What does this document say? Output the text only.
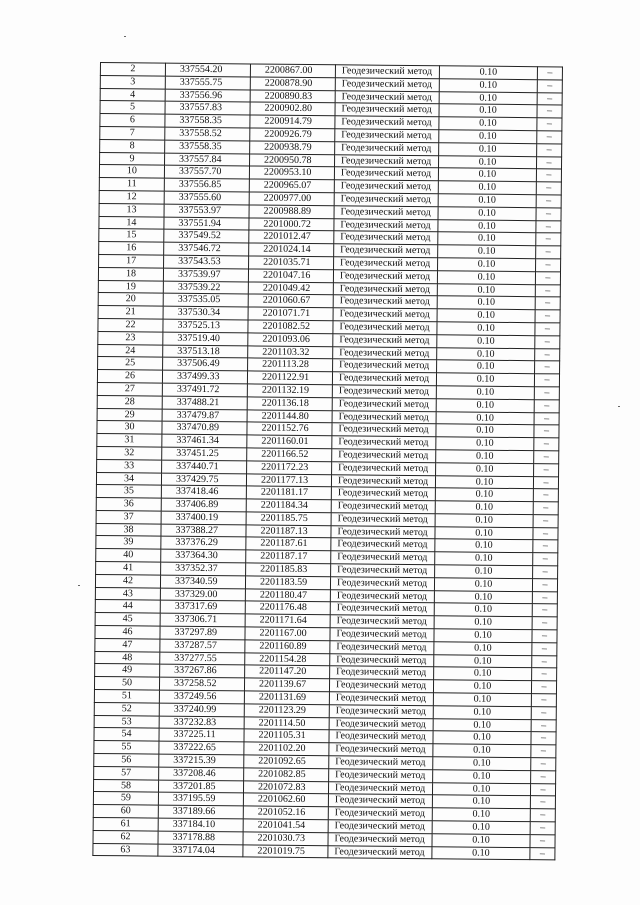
2	337554.20	2200867.00	Геодезический метод	0.10	–
3	337555.75	2200878.90	Геодезический метод	0.10	–
4	337556.96	2200890.83	Геодезический метод	0.10	–
5	337557.83	2200902.80	Геодезический метод	0.10	–
6	337558.35	2200914.79	Геодезический метод	0.10	–
7	337558.52	2200926.79	Геодезический метод	0.10	–
8	337558.35	2200938.79	Геодезический метод	0.10	–
9	337557.84	2200950.78	Геодезический метод	0.10	–
10	337557.70	2200953.10	Геодезический метод	0.10	–
11	337556.85	2200965.07	Геодезический метод	0.10	–
12	337555.60	2200977.00	Геодезический метод	0.10	–
13	337553.97	2200988.89	Геодезический метод	0.10	–
14	337551.94	2201000.72	Геодезический метод	0.10	–
15	337549.52	2201012.47	Геодезический метод	0.10	–
16	337546.72	2201024.14	Геодезический метод	0.10	–
17	337543.53	2201035.71	Геодезический метод	0.10	–
18	337539.97	2201047.16	Геодезический метод	0.10	–
19	337539.22	2201049.42	Геодезический метод	0.10	–
20	337535.05	2201060.67	Геодезический метод	0.10	–
21	337530.34	2201071.71	Геодезический метод	0.10	–
22	337525.13	2201082.52	Геодезический метод	0.10	–
23	337519.40	2201093.06	Геодезический метод	0.10	–
24	337513.18	2201103.32	Геодезический метод	0.10	–
25	337506.49	2201113.28	Геодезический метод	0.10	–
26	337499.33	2201122.91	Геодезический метод	0.10	–
27	337491.72	2201132.19	Геодезический метод	0.10	–
28	337488.21	2201136.18	Геодезический метод	0.10	–
29	337479.87	2201144.80	Геодезический метод	0.10	–
30	337470.89	2201152.76	Геодезический метод	0.10	–
31	337461.34	2201160.01	Геодезический метод	0.10	–
32	337451.25	2201166.52	Геодезический метод	0.10	–
33	337440.71	2201172.23	Геодезический метод	0.10	–
34	337429.75	2201177.13	Геодезический метод	0.10	–
35	337418.46	2201181.17	Геодезический метод	0.10	–
36	337406.89	2201184.34	Геодезический метод	0.10	–
37	337400.19	2201185.75	Геодезический метод	0.10	–
38	337388.27	2201187.13	Геодезический метод	0.10	–
39	337376.29	2201187.61	Геодезический метод	0.10	–
40	337364.30	2201187.17	Геодезический метод	0.10	–
41	337352.37	2201185.83	Геодезический метод	0.10	–
42	337340.59	2201183.59	Геодезический метод	0.10	–
43	337329.00	2201180.47	Геодезический метод	0.10	–
44	337317.69	2201176.48	Геодезический метод	0.10	–
45	337306.71	2201171.64	Геодезический метод	0.10	–
46	337297.89	2201167.00	Геодезический метод	0.10	–
47	337287.57	2201160.89	Геодезический метод	0.10	–
48	337277.55	2201154.28	Геодезический метод	0.10	–
49	337267.86	2201147.20	Геодезический метод	0.10	–
50	337258.52	2201139.67	Геодезический метод	0.10	–
51	337249.56	2201131.69	Геодезический метод	0.10	–
52	337240.99	2201123.29	Геодезический метод	0.10	–
53	337232.83	2201114.50	Геодезический метод	0.10	–
54	337225.11	2201105.31	Геодезический метод	0.10	–
55	337222.65	2201102.20	Геодезический метод	0.10	–
56	337215.39	2201092.65	Геодезический метод	0.10	–
57	337208.46	2201082.85	Геодезический метод	0.10	–
58	337201.85	2201072.83	Геодезический метод	0.10	–
59	337195.59	2201062.60	Геодезический метод	0.10	–
60	337189.66	2201052.16	Геодезический метод	0.10	–
61	337184.10	2201041.54	Геодезический метод	0.10	–
62	337178.88	2201030.73	Геодезический метод	0.10	–
63	337174.04	2201019.75	Геодезический метод	0.10	–
